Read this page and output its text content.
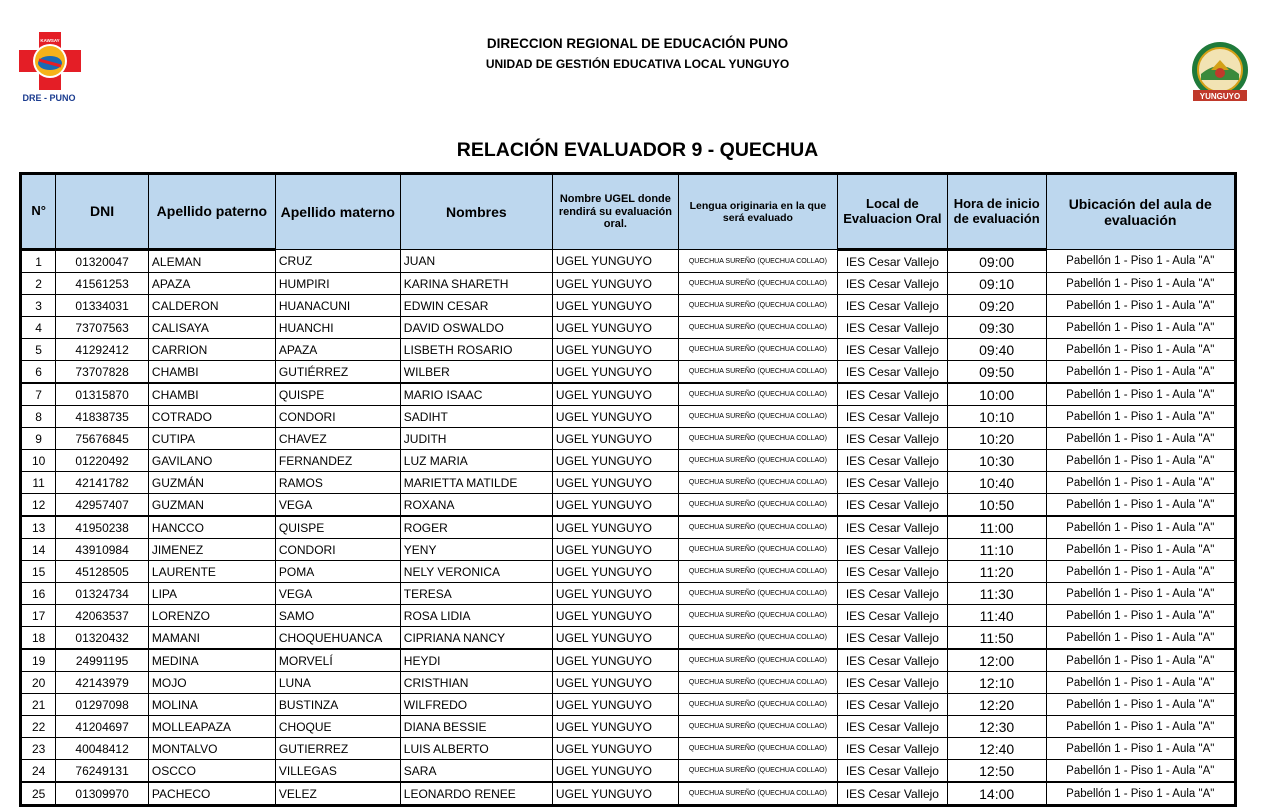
KAWSAY
DRE - PUNO	YUNGUYO
DIRECCION REGIONAL DE EDUCACIÓN PUNO
UNIDAD DE GESTIÓN EDUCATIVA LOCAL YUNGUYO
RELACIÓN EVALUADOR 9 - QUECHUA
N°	DNI	Apellido paterno	Apellido materno	Nombres	Nombre UGEL donde rendirá su evaluación oral.	Lengua originaria en la que será evaluado	Local de Evaluacion Oral	Hora de inicio de evaluación	Ubicación del aula de evaluación
1	01320047	ALEMAN	CRUZ	JUAN	UGEL YUNGUYO	QUECHUA SUREÑO (QUECHUA COLLAO)	IES Cesar Vallejo	09:00	Pabellón 1 - Piso 1 - Aula "A"
2	41561253	APAZA	HUMPIRI	KARINA SHARETH	UGEL YUNGUYO	QUECHUA SUREÑO (QUECHUA COLLAO)	IES Cesar Vallejo	09:10	Pabellón 1 - Piso 1 - Aula "A"
3	01334031	CALDERON	HUANACUNI	EDWIN CESAR	UGEL YUNGUYO	QUECHUA SUREÑO (QUECHUA COLLAO)	IES Cesar Vallejo	09:20	Pabellón 1 - Piso 1 - Aula "A"
4	73707563	CALISAYA	HUANCHI	DAVID OSWALDO	UGEL YUNGUYO	QUECHUA SUREÑO (QUECHUA COLLAO)	IES Cesar Vallejo	09:30	Pabellón 1 - Piso 1 - Aula "A"
5	41292412	CARRION	APAZA	LISBETH ROSARIO	UGEL YUNGUYO	QUECHUA SUREÑO (QUECHUA COLLAO)	IES Cesar Vallejo	09:40	Pabellón 1 - Piso 1 - Aula "A"
6	73707828	CHAMBI	GUTIÉRREZ	WILBER	UGEL YUNGUYO	QUECHUA SUREÑO (QUECHUA COLLAO)	IES Cesar Vallejo	09:50	Pabellón 1 - Piso 1 - Aula "A"
7	01315870	CHAMBI	QUISPE	MARIO ISAAC	UGEL YUNGUYO	QUECHUA SUREÑO (QUECHUA COLLAO)	IES Cesar Vallejo	10:00	Pabellón 1 - Piso 1 - Aula "A"
8	41838735	COTRADO	CONDORI	SADIHT	UGEL YUNGUYO	QUECHUA SUREÑO (QUECHUA COLLAO)	IES Cesar Vallejo	10:10	Pabellón 1 - Piso 1 - Aula "A"
9	75676845	CUTIPA	CHAVEZ	JUDITH	UGEL YUNGUYO	QUECHUA SUREÑO (QUECHUA COLLAO)	IES Cesar Vallejo	10:20	Pabellón 1 - Piso 1 - Aula "A"
10	01220492	GAVILANO	FERNANDEZ	LUZ MARIA	UGEL YUNGUYO	QUECHUA SUREÑO (QUECHUA COLLAO)	IES Cesar Vallejo	10:30	Pabellón 1 - Piso 1 - Aula "A"
11	42141782	GUZMÁN	RAMOS	MARIETTA MATILDE	UGEL YUNGUYO	QUECHUA SUREÑO (QUECHUA COLLAO)	IES Cesar Vallejo	10:40	Pabellón 1 - Piso 1 - Aula "A"
12	42957407	GUZMAN	VEGA	ROXANA	UGEL YUNGUYO	QUECHUA SUREÑO (QUECHUA COLLAO)	IES Cesar Vallejo	10:50	Pabellón 1 - Piso 1 - Aula "A"
13	41950238	HANCCO	QUISPE	ROGER	UGEL YUNGUYO	QUECHUA SUREÑO (QUECHUA COLLAO)	IES Cesar Vallejo	11:00	Pabellón 1 - Piso 1 - Aula "A"
14	43910984	JIMENEZ	CONDORI	YENY	UGEL YUNGUYO	QUECHUA SUREÑO (QUECHUA COLLAO)	IES Cesar Vallejo	11:10	Pabellón 1 - Piso 1 - Aula "A"
15	45128505	LAURENTE	POMA	NELY VERONICA	UGEL YUNGUYO	QUECHUA SUREÑO (QUECHUA COLLAO)	IES Cesar Vallejo	11:20	Pabellón 1 - Piso 1 - Aula "A"
16	01324734	LIPA	VEGA	TERESA	UGEL YUNGUYO	QUECHUA SUREÑO (QUECHUA COLLAO)	IES Cesar Vallejo	11:30	Pabellón 1 - Piso 1 - Aula "A"
17	42063537	LORENZO	SAMO	ROSA LIDIA	UGEL YUNGUYO	QUECHUA SUREÑO (QUECHUA COLLAO)	IES Cesar Vallejo	11:40	Pabellón 1 - Piso 1 - Aula "A"
18	01320432	MAMANI	CHOQUEHUANCA	CIPRIANA NANCY	UGEL YUNGUYO	QUECHUA SUREÑO (QUECHUA COLLAO)	IES Cesar Vallejo	11:50	Pabellón 1 - Piso 1 - Aula "A"
19	24991195	MEDINA	MORVELÍ	HEYDI	UGEL YUNGUYO	QUECHUA SUREÑO (QUECHUA COLLAO)	IES Cesar Vallejo	12:00	Pabellón 1 - Piso 1 - Aula "A"
20	42143979	MOJO	LUNA	CRISTHIAN	UGEL YUNGUYO	QUECHUA SUREÑO (QUECHUA COLLAO)	IES Cesar Vallejo	12:10	Pabellón 1 - Piso 1 - Aula "A"
21	01297098	MOLINA	BUSTINZA	WILFREDO	UGEL YUNGUYO	QUECHUA SUREÑO (QUECHUA COLLAO)	IES Cesar Vallejo	12:20	Pabellón 1 - Piso 1 - Aula "A"
22	41204697	MOLLEAPAZA	CHOQUE	DIANA BESSIE	UGEL YUNGUYO	QUECHUA SUREÑO (QUECHUA COLLAO)	IES Cesar Vallejo	12:30	Pabellón 1 - Piso 1 - Aula "A"
23	40048412	MONTALVO	GUTIERREZ	LUIS ALBERTO	UGEL YUNGUYO	QUECHUA SUREÑO (QUECHUA COLLAO)	IES Cesar Vallejo	12:40	Pabellón 1 - Piso 1 - Aula "A"
24	76249131	OSCCO	VILLEGAS	SARA	UGEL YUNGUYO	QUECHUA SUREÑO (QUECHUA COLLAO)	IES Cesar Vallejo	12:50	Pabellón 1 - Piso 1 - Aula "A"
25	01309970	PACHECO	VELEZ	LEONARDO RENEE	UGEL YUNGUYO	QUECHUA SUREÑO (QUECHUA COLLAO)	IES Cesar Vallejo	14:00	Pabellón 1 - Piso 1 - Aula "A"
